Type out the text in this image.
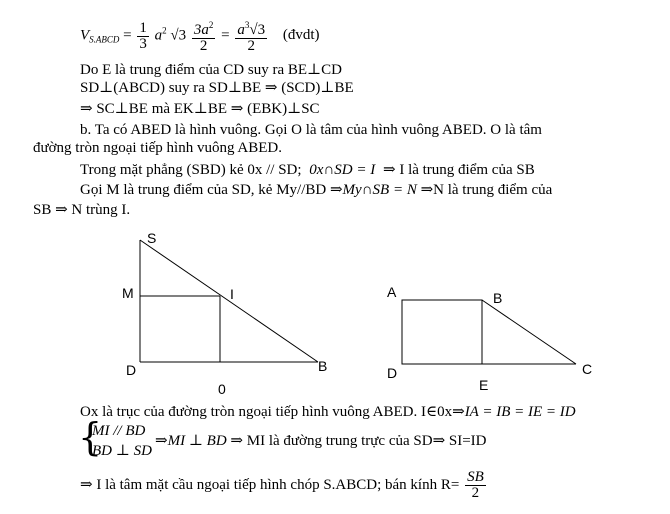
$V_{S.ABCD} = \frac{1}{3} a^2$ $√3 \frac{3a^2}{2} = \frac{a^3√3}{2}$ (đvdt)
Do E là trung điểm của CD suy ra BE⊥CD
SD⊥(ABCD) suy ra SD⊥BE ⇒ (SCD)⊥BE
⇒ SC⊥BE mà EK⊥BE ⇒ (EBK)⊥SC
b. Ta có ABED là hình vuông. Gọi O là tâm của hình vuông ABED. O là tâm
đường tròn ngoại tiếp hình vuông ABED.
Trong mặt phẳng (SBD) kẻ 0x // SD; 0x∩SD = I ⇒ I là trung điểm của SB
Gọi M là trung điểm của SD, kẻ My//BD ⇒My∩SB = N ⇒N là trung điểm của
SB ⇒ N trùng I.
S
M	I
D	B
0
A	B
D	C
E
Ox là trục của đường tròn ngoại tiếp hình vuông ABED. I∈0x⇒IA = IB = IE = ID
{
MI // BD
BD ⊥ SD
⇒MI ⊥ BD ⇒ MI là đường trung trực của SD⇒ SI=ID
⇒ I là tâm mặt cầu ngoại tiếp hình chóp S.ABCD; bán kính $R= \frac{SB}{2}$
